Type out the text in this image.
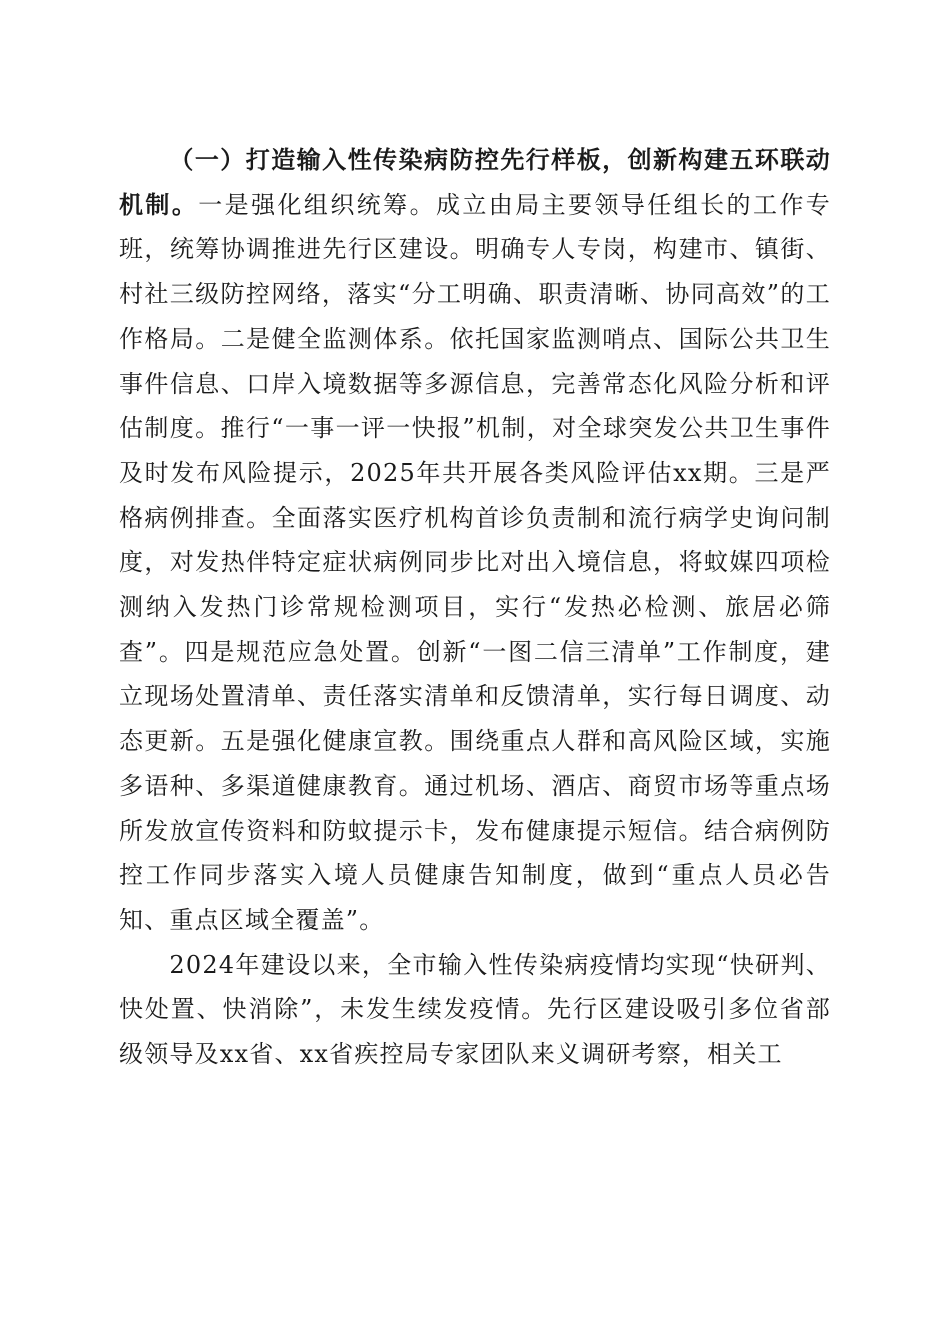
（一）打造输入性传染病防控先行样板，创新构建五环联动机制。一是强化组织统筹。成立由局主要领导任组长的工作专班，统筹协调推进先行区建设。明确专人专岗，构建市、镇街、村社三级防控网络，落实“分工明确、职责清晰、协同高效”的工作格局。二是健全监测体系。依托国家监测哨点、国际公共卫生事件信息、口岸入境数据等多源信息，完善常态化风险分析和评估制度。推行“一事一评一快报”机制，对全球突发公共卫生事件及时发布风险提示，2025年共开展各类风险评估xx期。三是严格病例排查。全面落实医疗机构首诊负责制和流行病学史询问制度，对发热伴特定症状病例同步比对出入境信息，将蚊媒四项检测纳入发热门诊常规检测项目，实行“发热必检测、旅居必筛查”。四是规范应急处置。创新“一图二信三清单”工作制度，建立现场处置清单、责任落实清单和反馈清单，实行每日调度、动态更新。五是强化健康宣教。围绕重点人群和高风险区域，实施多语种、多渠道健康教育。通过机场、酒店、商贸市场等重点场所发放宣传资料和防蚊提示卡，发布健康提示短信。结合病例防控工作同步落实入境人员健康告知制度，做到“重点人员必告知、重点区域全覆盖”。

2024年建设以来，全市输入性传染病疫情均实现“快研判、快处置、快消除”，未发生续发疫情。先行区建设吸引多位省部级领导及xx省、xx省疾控局专家团队来义调研考察，相关工
